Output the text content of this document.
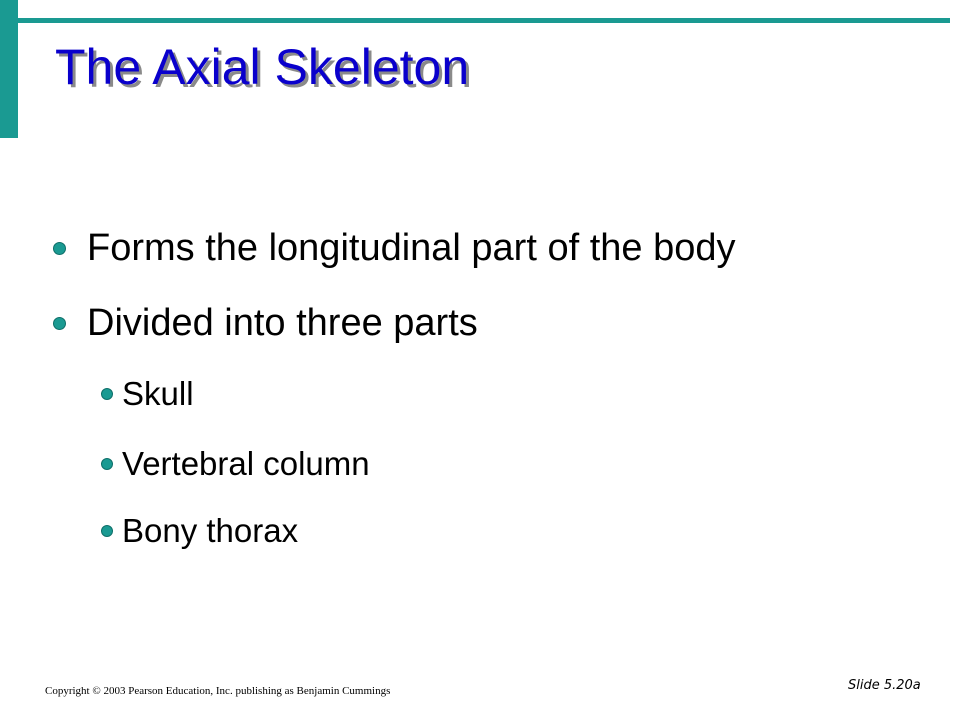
The Axial Skeleton
Forms the longitudinal part of the body
Divided into three parts
Skull
Vertebral column
Bony thorax
Copyright © 2003 Pearson Education, Inc. publishing as Benjamin Cummings	Slide 5.20a
